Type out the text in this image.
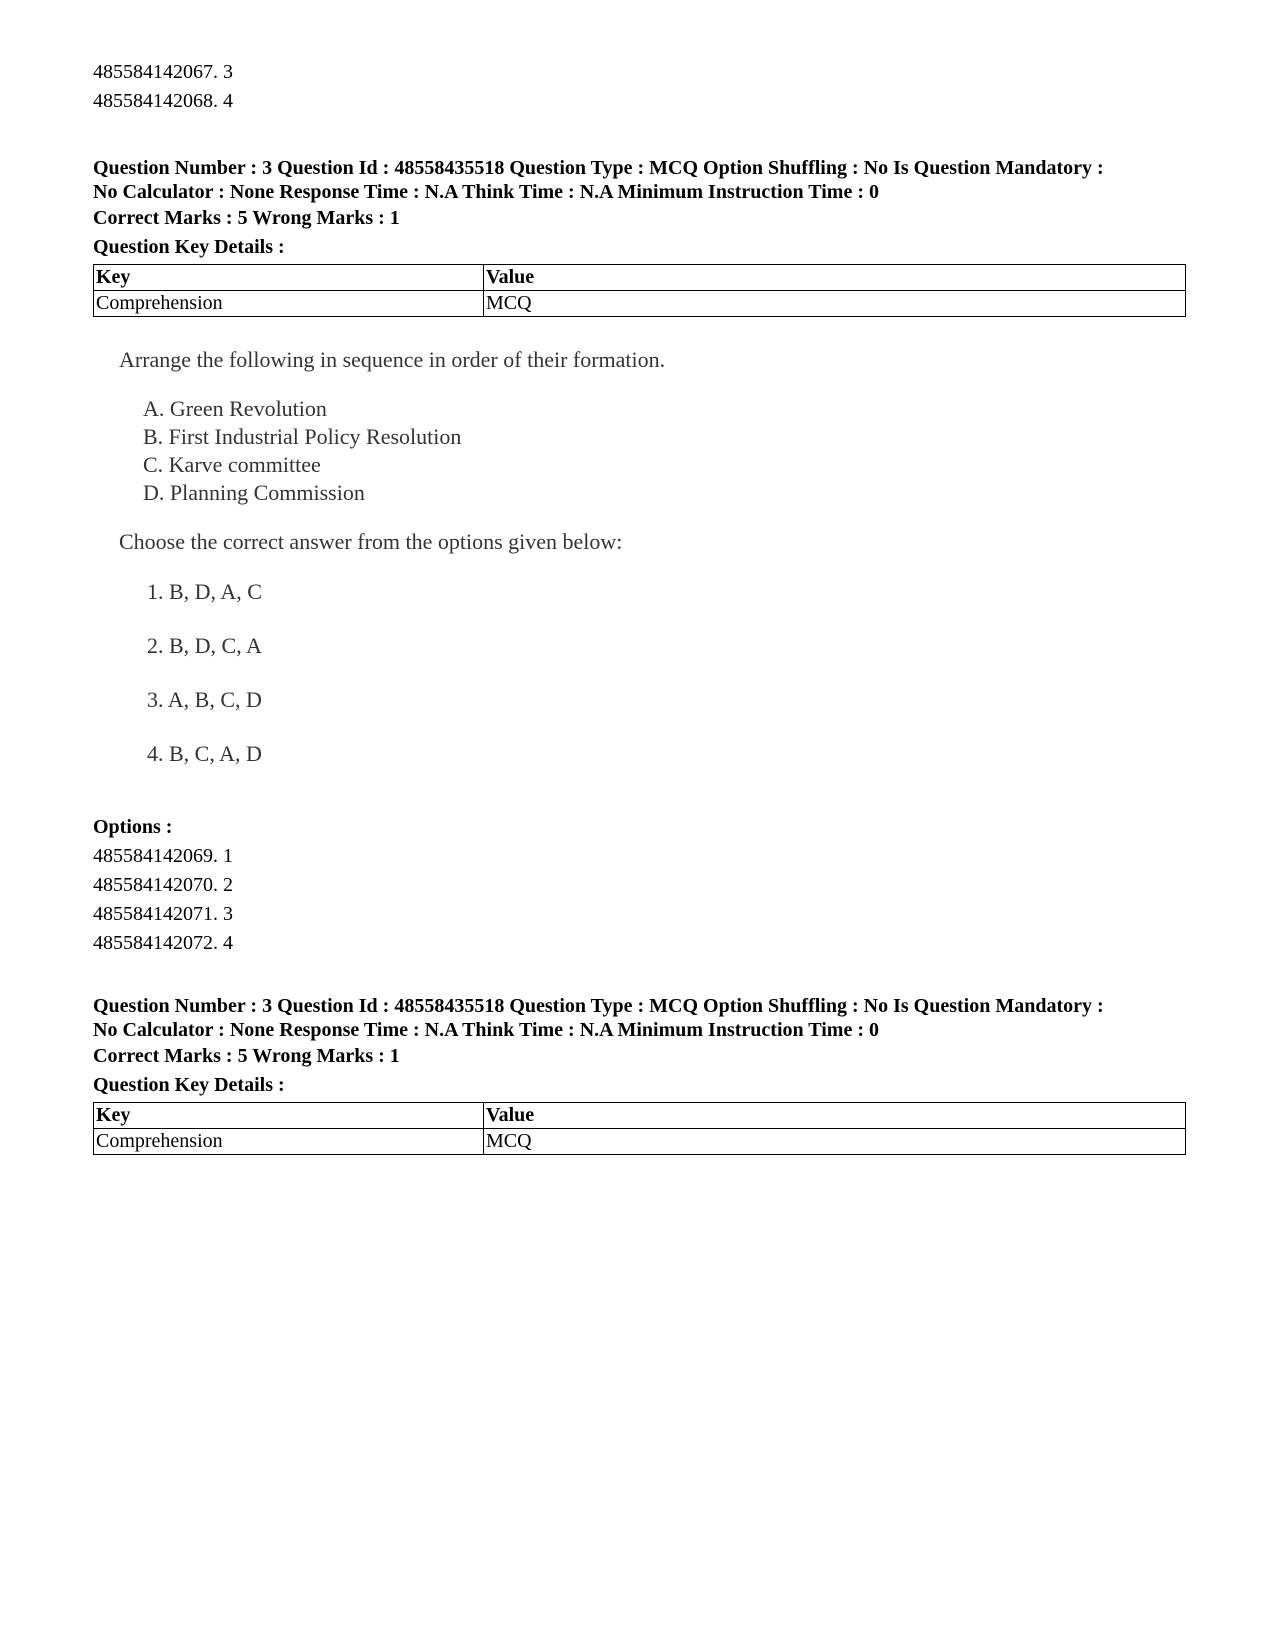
485584142067. 3
485584142068. 4
Question Number : 3 Question Id : 48558435518 Question Type : MCQ Option Shuffling : No Is Question Mandatory :
No Calculator : None Response Time : N.A Think Time : N.A Minimum Instruction Time : 0
Correct Marks : 5 Wrong Marks : 1
Question Key Details :
Key	Value
Comprehension	MCQ
Arrange the following in sequence in order of their formation.
A. Green Revolution
B. First Industrial Policy Resolution
C. Karve committee
D. Planning Commission
Choose the correct answer from the options given below:
1. B, D, A, C
2. B, D, C, A
3. A, B, C, D
4. B, C, A, D
Options :
485584142069. 1
485584142070. 2
485584142071. 3
485584142072. 4
Question Number : 3 Question Id : 48558435518 Question Type : MCQ Option Shuffling : No Is Question Mandatory :
No Calculator : None Response Time : N.A Think Time : N.A Minimum Instruction Time : 0
Correct Marks : 5 Wrong Marks : 1
Question Key Details :
Key	Value
Comprehension	MCQ
